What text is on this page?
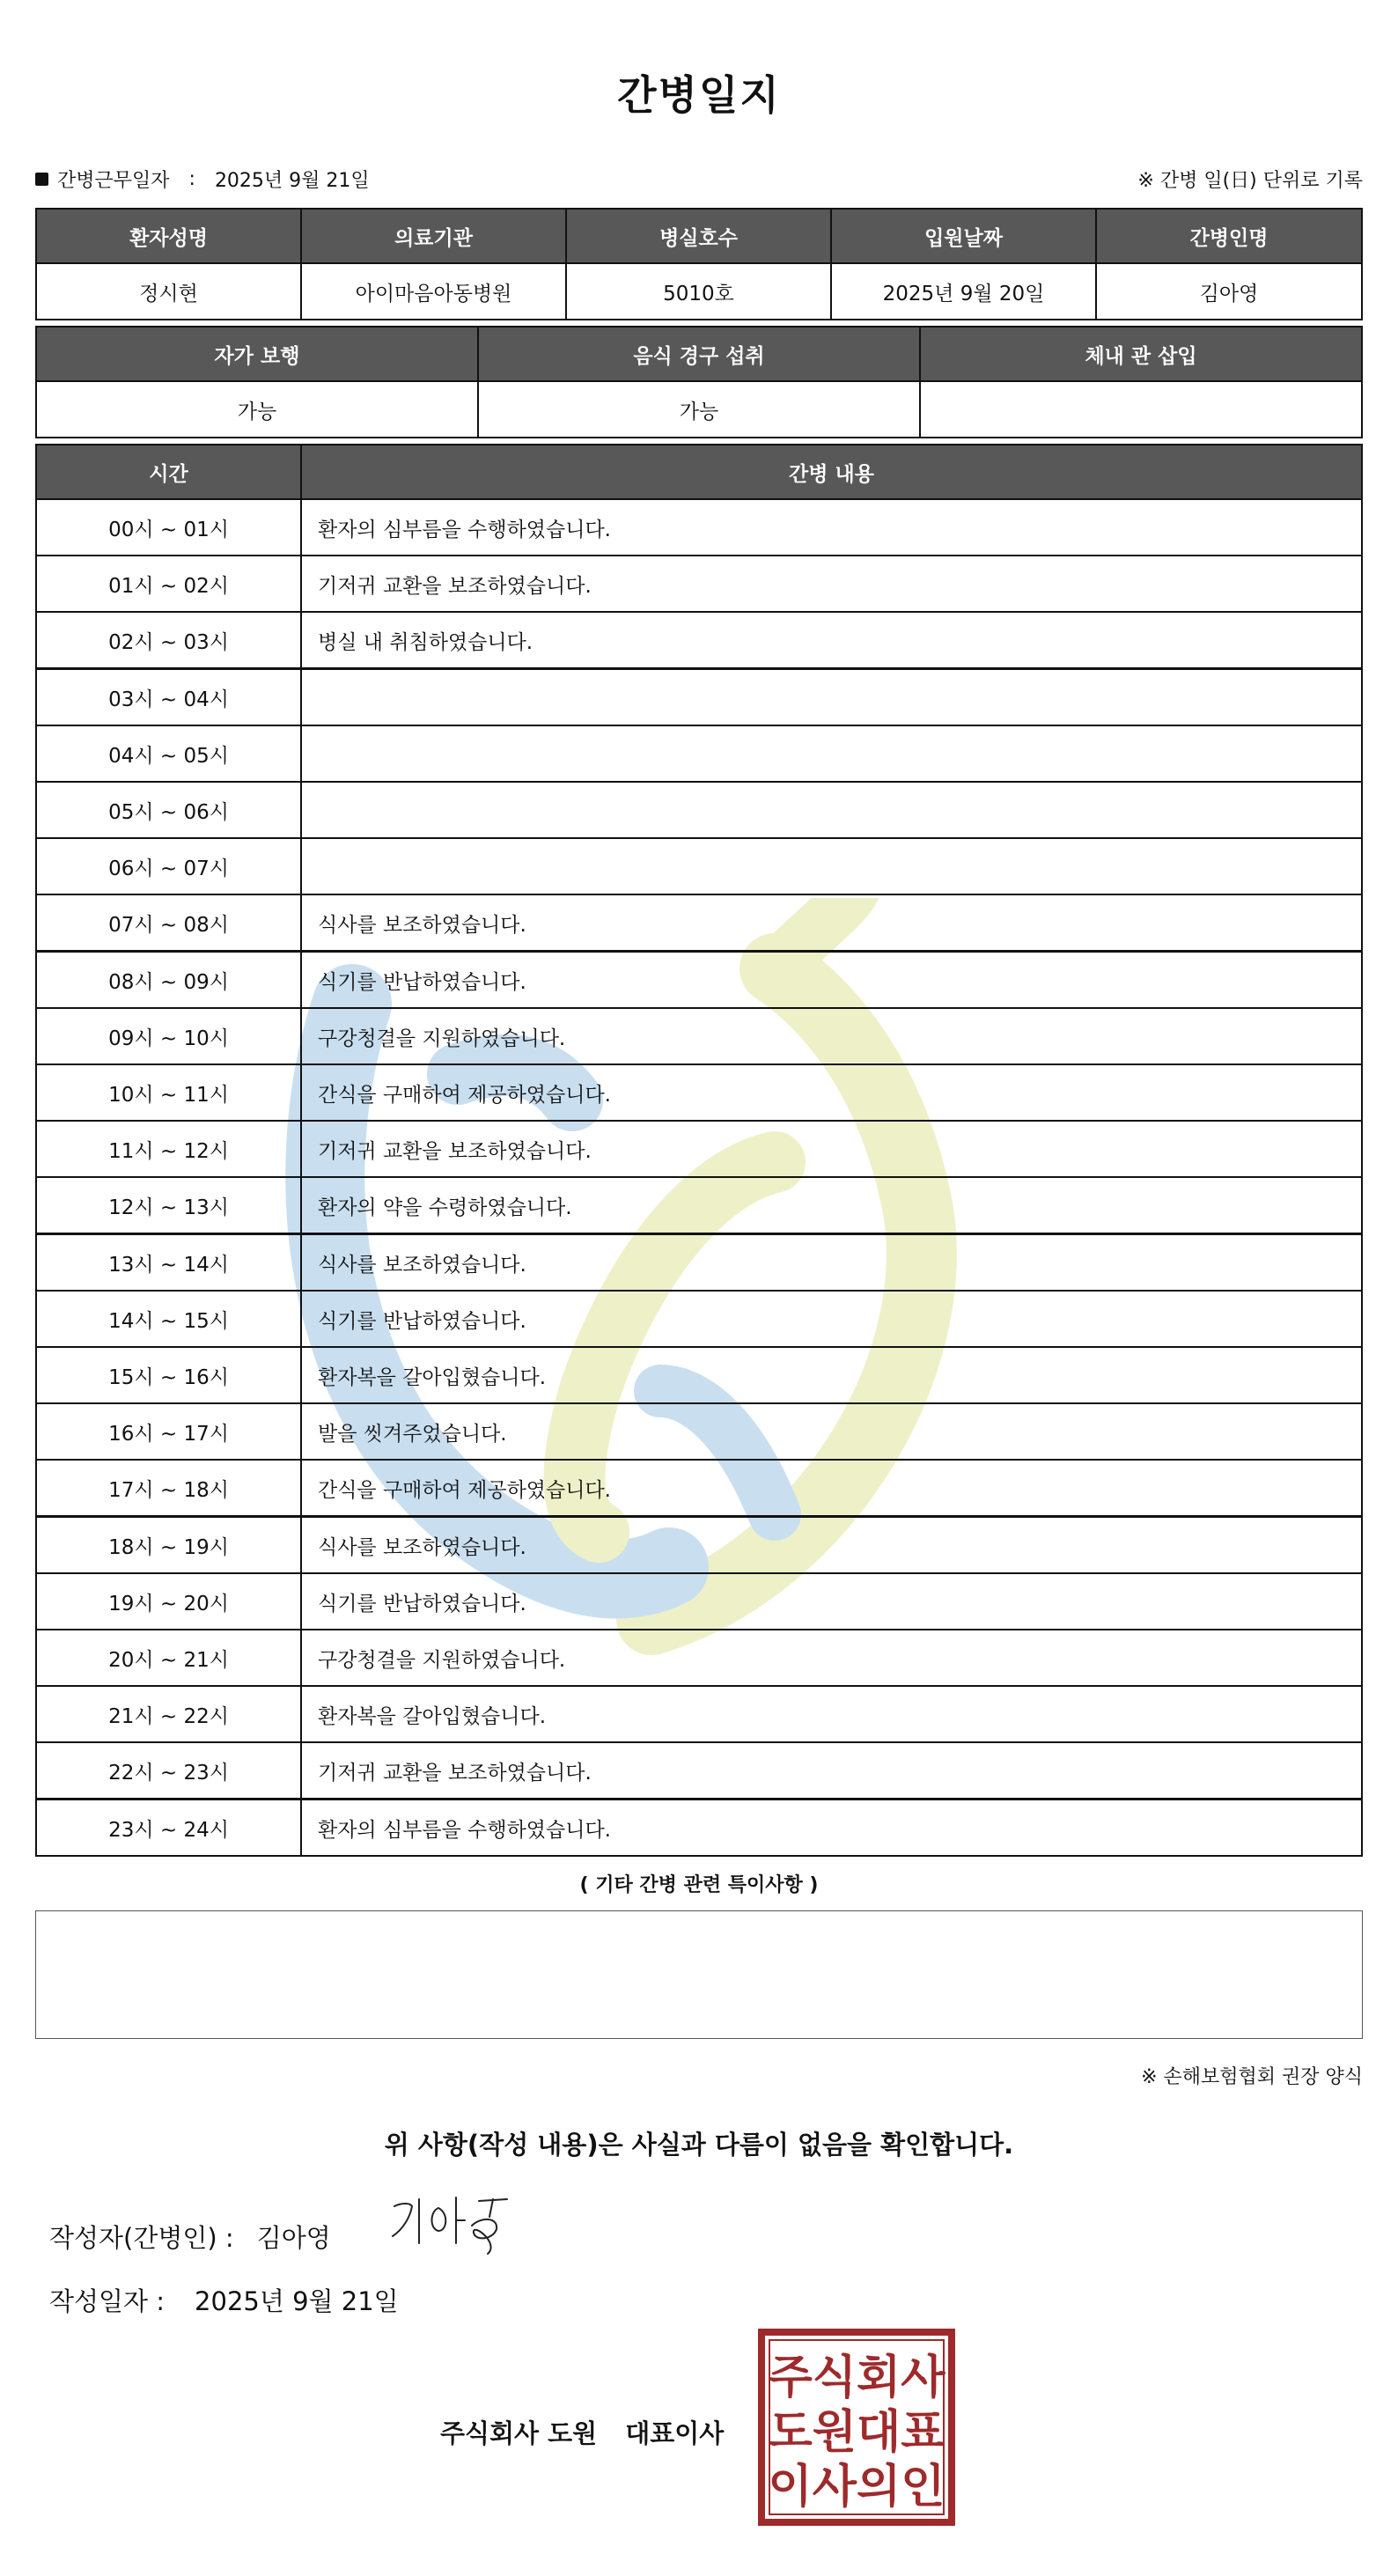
간병일지
간병근무일자 : 2025년 9월 21일	※ 간병 일(日) 단위로 기록
환자성명	의료기관	병실호수	입원날짜	간병인명
정시현	아이마음아동병원	5010호	2025년 9월 20일	김아영
자가 보행	음식 경구 섭취	체내 관 삽입
가능	가능
시간	간병 내용
00시 ~ 01시	환자의 심부름을 수행하였습니다.
01시 ~ 02시	기저귀 교환을 보조하였습니다.
02시 ~ 03시	병실 내 취침하였습니다.
03시 ~ 04시
04시 ~ 05시
05시 ~ 06시
06시 ~ 07시
07시 ~ 08시	식사를 보조하였습니다.
08시 ~ 09시	식기를 반납하였습니다.
09시 ~ 10시	구강청결을 지원하였습니다.
10시 ~ 11시	간식을 구매하여 제공하였습니다.
11시 ~ 12시	기저귀 교환을 보조하였습니다.
12시 ~ 13시	환자의 약을 수령하였습니다.
13시 ~ 14시	식사를 보조하였습니다.
14시 ~ 15시	식기를 반납하였습니다.
15시 ~ 16시	환자복을 갈아입혔습니다.
16시 ~ 17시	발을 씻겨주었습니다.
17시 ~ 18시	간식을 구매하여 제공하였습니다.
18시 ~ 19시	식사를 보조하였습니다.
19시 ~ 20시	식기를 반납하였습니다.
20시 ~ 21시	구강청결을 지원하였습니다.
21시 ~ 22시	환자복을 갈아입혔습니다.
22시 ~ 23시	기저귀 교환을 보조하였습니다.
23시 ~ 24시	환자의 심부름을 수행하였습니다.
( 기타 간병 관련 특이사항 )
※ 손해보험협회 권장 양식
위 사항(작성 내용)은 사실과 다름이 없음을 확인합니다.
작성자(간병인) : 김아영
작성일자 : 2025년 9월 21일
주식회사 도원 대표이사
주식회사
도원대표
이사의인
